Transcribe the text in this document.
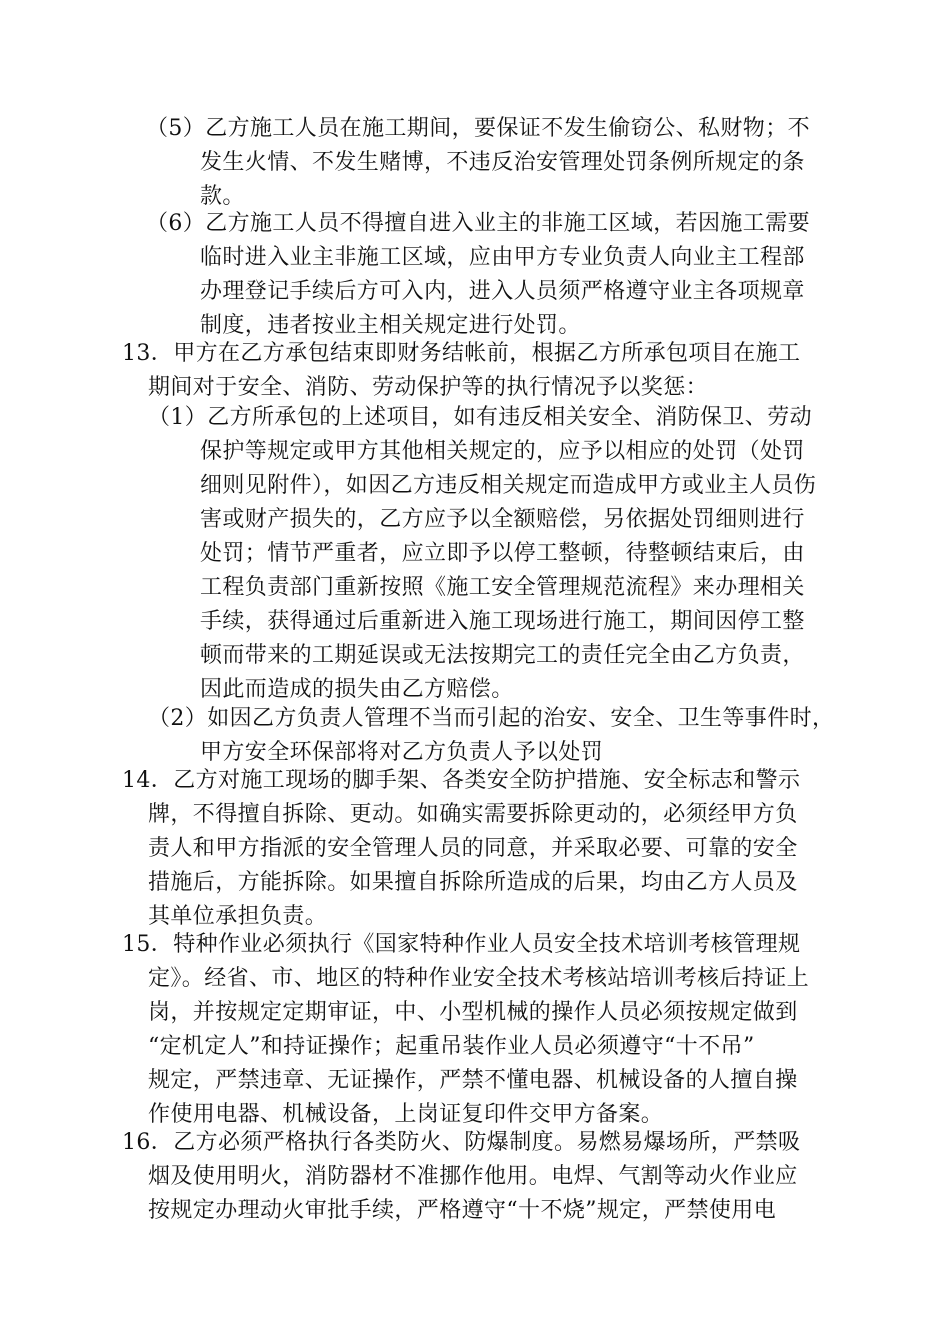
（5）乙方施工人员在施工期间，要保证不发生偷窃公、私财物；不
发生火情、不发生赌博，不违反治安管理处罚条例所规定的条
款。
（6）乙方施工人员不得擅自进入业主的非施工区域，若因施工需要
临时进入业主非施工区域，应由甲方专业负责人向业主工程部
办理登记手续后方可入内，进入人员须严格遵守业主各项规章
制度，违者按业主相关规定进行处罚。
13．甲方在乙方承包结束即财务结帐前，根据乙方所承包项目在施工
期间对于安全、消防、劳动保护等的执行情况予以奖惩：
（1）乙方所承包的上述项目，如有违反相关安全、消防保卫、劳动
保护等规定或甲方其他相关规定的，应予以相应的处罚（处罚
细则见附件），如因乙方违反相关规定而造成甲方或业主人员伤
害或财产损失的，乙方应予以全额赔偿，另依据处罚细则进行
处罚；情节严重者，应立即予以停工整顿，待整顿结束后，由
工程负责部门重新按照《施工安全管理规范流程》来办理相关
手续，获得通过后重新进入施工现场进行施工，期间因停工整
顿而带来的工期延误或无法按期完工的责任完全由乙方负责，
因此而造成的损失由乙方赔偿。
（2）如因乙方负责人管理不当而引起的治安、安全、卫生等事件时，
甲方安全环保部将对乙方负责人予以处罚
14．乙方对施工现场的脚手架、各类安全防护措施、安全标志和警示
牌，不得擅自拆除、更动。如确实需要拆除更动的，必须经甲方负
责人和甲方指派的安全管理人员的同意，并采取必要、可靠的安全
措施后，方能拆除。如果擅自拆除所造成的后果，均由乙方人员及
其单位承担负责。
15．特种作业必须执行《国家特种作业人员安全技术培训考核管理规
定》。经省、市、地区的特种作业安全技术考核站培训考核后持证上
岗，并按规定定期审证，中、小型机械的操作人员必须按规定做到
“定机定人”和持证操作；起重吊装作业人员必须遵守“十不吊”
规定，严禁违章、无证操作，严禁不懂电器、机械设备的人擅自操
作使用电器、机械设备，上岗证复印件交甲方备案。
16．乙方必须严格执行各类防火、防爆制度。易燃易爆场所，严禁吸
烟及使用明火，消防器材不准挪作他用。电焊、气割等动火作业应
按规定办理动火审批手续，严格遵守“十不烧”规定，严禁使用电
